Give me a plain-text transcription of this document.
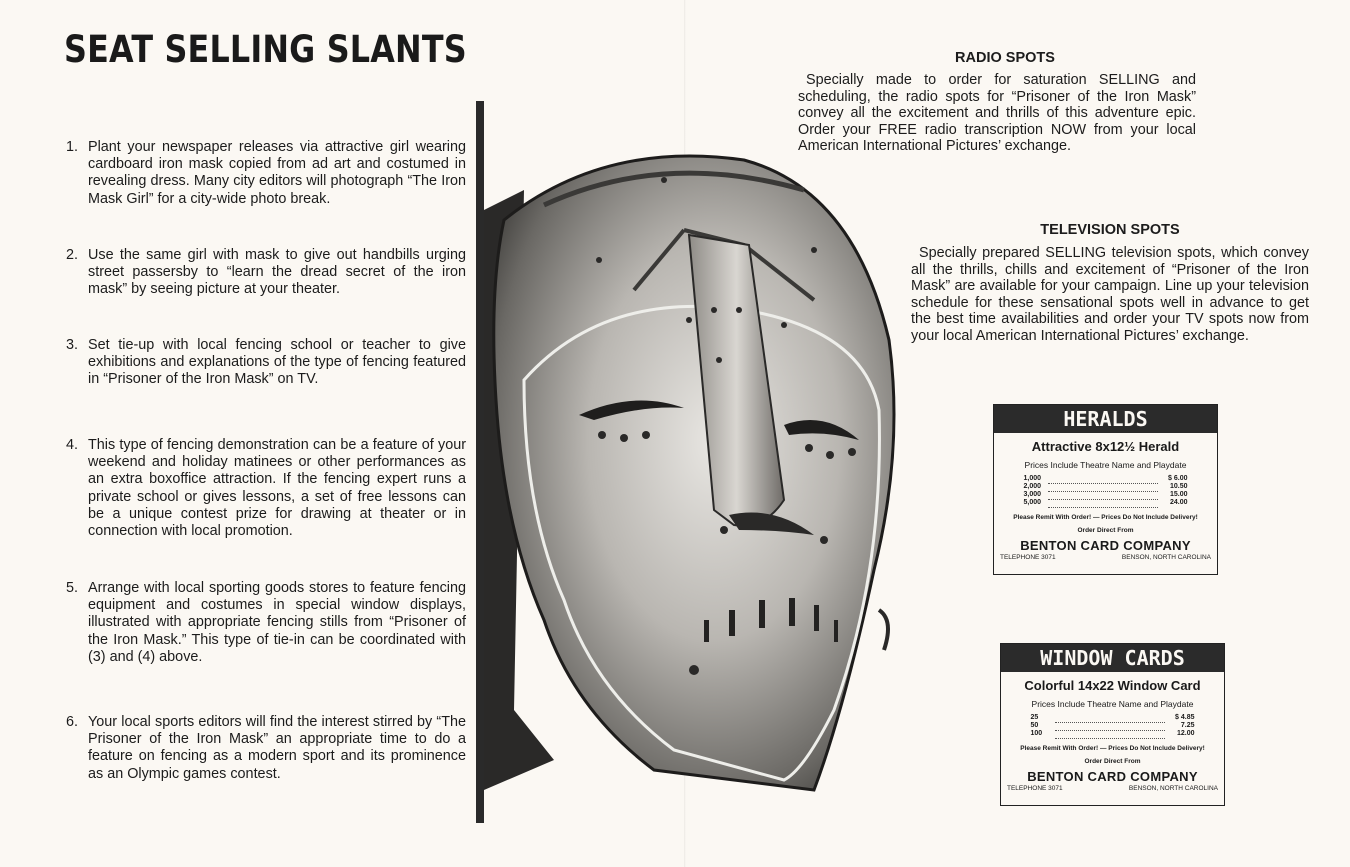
SEAT SELLING SLANTS
1. Plant your newspaper releases via attractive girl wearing cardboard iron mask copied from ad art and costumed in revealing dress. Many city editors will photograph “The Iron Mask Girl” for a city-wide photo break.
2. Use the same girl with mask to give out handbills urging street passersby to “learn the dread secret of the iron mask” by seeing picture at your theater.
3. Set tie-up with local fencing school or teacher to give exhibitions and explanations of the type of fencing featured in “Prisoner of the Iron Mask” on TV.
4. This type of fencing demonstration can be a feature of your weekend and holiday matinees or other performances as an extra boxoffice attraction. If the fencing expert runs a private school or gives lessons, a set of free lessons can be a unique contest prize for drawing at theater or in connection with local promotion.
5. Arrange with local sporting goods stores to feature fencing equipment and costumes in special window displays, illustrated with appropriate fencing stills from “Prisoner of the Iron Mask.” This type of tie-in can be coordinated with (3) and (4) above.
6. Your local sports editors will find the interest stirred by “The Prisoner of the Iron Mask” an appropriate time to do a feature on fencing as a modern sport and its prominence as an Olympic games contest.
RADIO SPOTS
Specially made to order for saturation SELLING and scheduling, the radio spots for “Prisoner of the Iron Mask” convey all the excitement and thrills of this adventure epic. Order your FREE radio transcription NOW from your local American International Pictures’ exchange.
TELEVISION SPOTS
Specially prepared SELLING television spots, which convey all the thrills, chills and excitement of “Prisoner of the Iron Mask” are available for your campaign. Line up your television schedule for these sensational spots well in advance to get the best time availabilities and order your TV spots now from your local American International Pictures’ exchange.
HERALDS
Attractive 8x12½ Herald
Prices Include Theatre Name and Playdate
1,000		$ 6.00
2,000		10.50
3,000		15.00
5,000		24.00
Please Remit With Order! — Prices Do Not Include Delivery!
Order Direct From
BENTON CARD COMPANY
TELEPHONE 3071	BENSON, NORTH CAROLINA
WINDOW CARDS
Colorful 14x22 Window Card
Prices Include Theatre Name and Playdate
25		$ 4.85
50		7.25
100		12.00
Please Remit With Order! — Prices Do Not Include Delivery!
Order Direct From
BENTON CARD COMPANY
TELEPHONE 3071	BENSON, NORTH CAROLINA
